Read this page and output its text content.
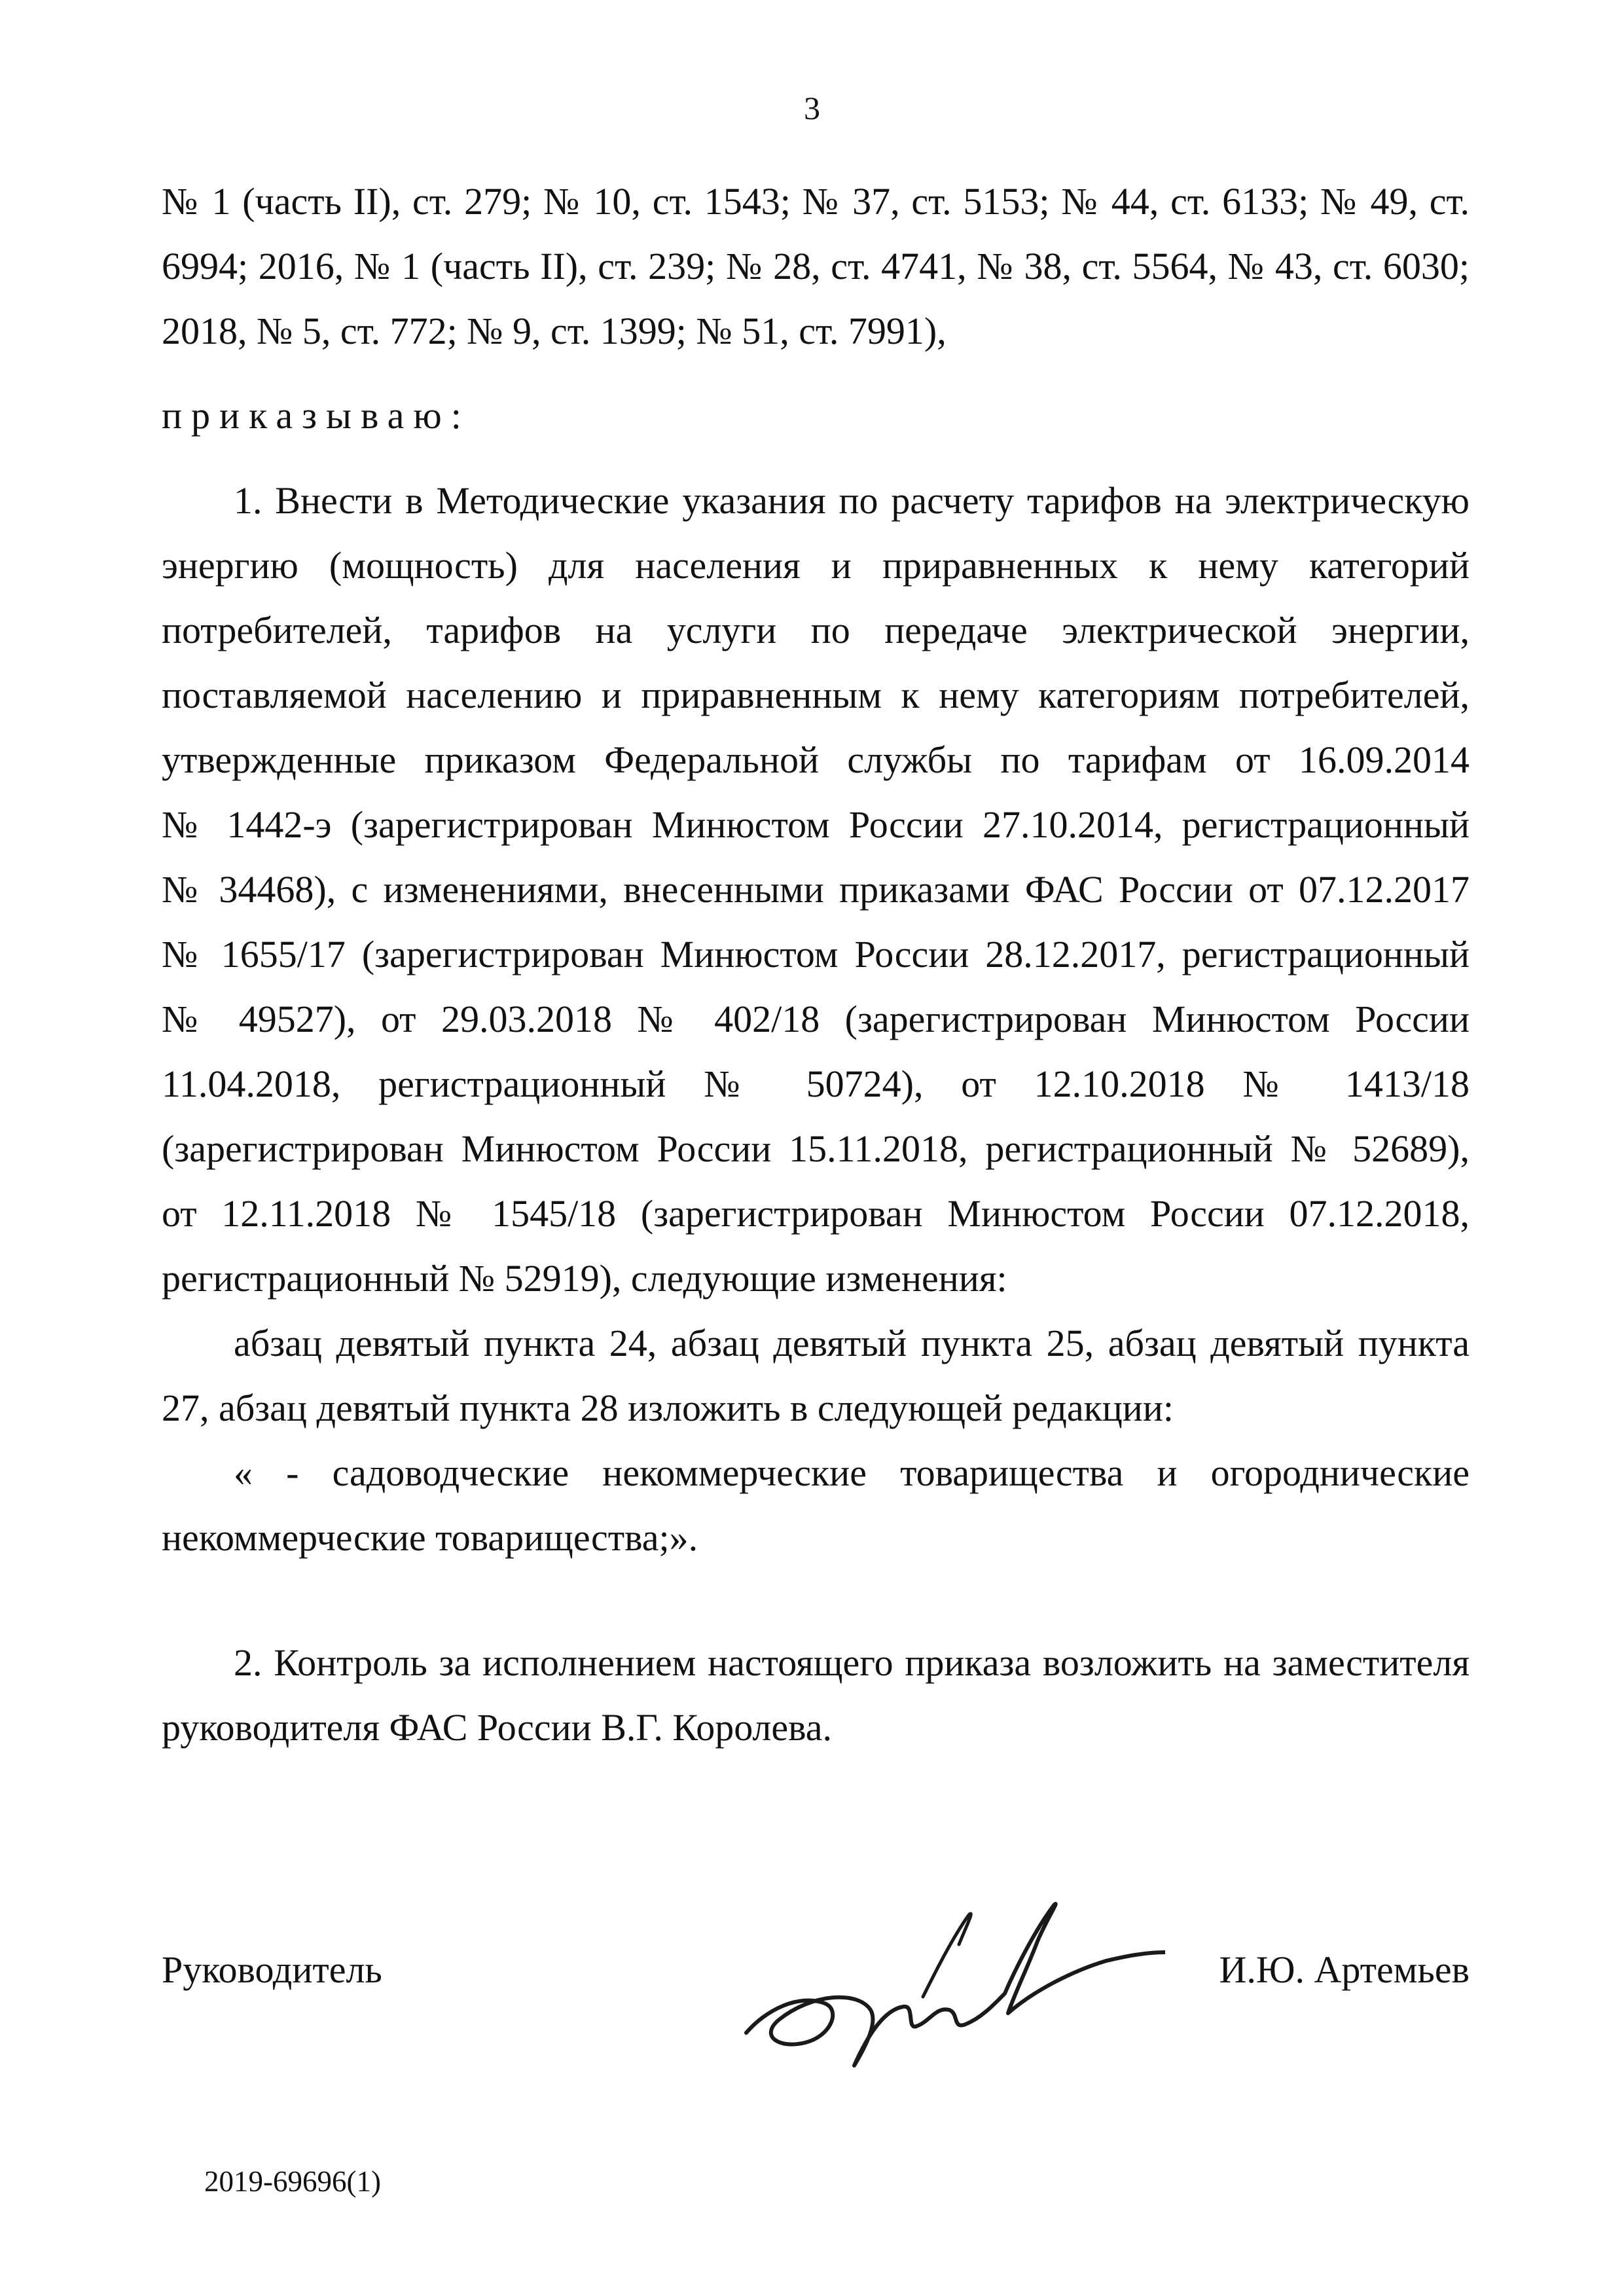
3
№ 1 (часть II), ст. 279; № 10, ст. 1543; № 37, ст. 5153; № 44, ст. 6133; № 49, ст.
6994; 2016, № 1 (часть II), ст. 239; № 28, ст. 4741, № 38, ст. 5564, № 43, ст. 6030;
2018, № 5, ст. 772; № 9, ст. 1399; № 51, ст. 7991),
приказываю:
1. Внести в Методические указания по расчету тарифов на электрическую
энергию (мощность) для населения и приравненных к нему категорий
потребителей, тарифов на услуги по передаче электрической энергии,
поставляемой населению и приравненным к нему категориям потребителей,
утвержденные приказом Федеральной службы по тарифам от 16.09.2014
№ 1442-э (зарегистрирован Минюстом России 27.10.2014, регистрационный
№ 34468), с изменениями, внесенными приказами ФАС России от 07.12.2017
№ 1655/17 (зарегистрирован Минюстом России 28.12.2017, регистрационный
№ 49527), от 29.03.2018 № 402/18 (зарегистрирован Минюстом России
11.04.2018, регистрационный № 50724), от 12.10.2018 № 1413/18
(зарегистрирован Минюстом России 15.11.2018, регистрационный № 52689),
от 12.11.2018 № 1545/18 (зарегистрирован Минюстом России 07.12.2018,
регистрационный № 52919), следующие изменения:
абзац девятый пункта 24, абзац девятый пункта 25, абзац девятый пункта
27, абзац девятый пункта 28 изложить в следующей редакции:
« - садоводческие некоммерческие товарищества и огороднические
некоммерческие товарищества;».
2. Контроль за исполнением настоящего приказа возложить на заместителя
руководителя ФАС России В.Г. Королева.
Руководитель	И.Ю. Артемьев
2019-69696(1)
